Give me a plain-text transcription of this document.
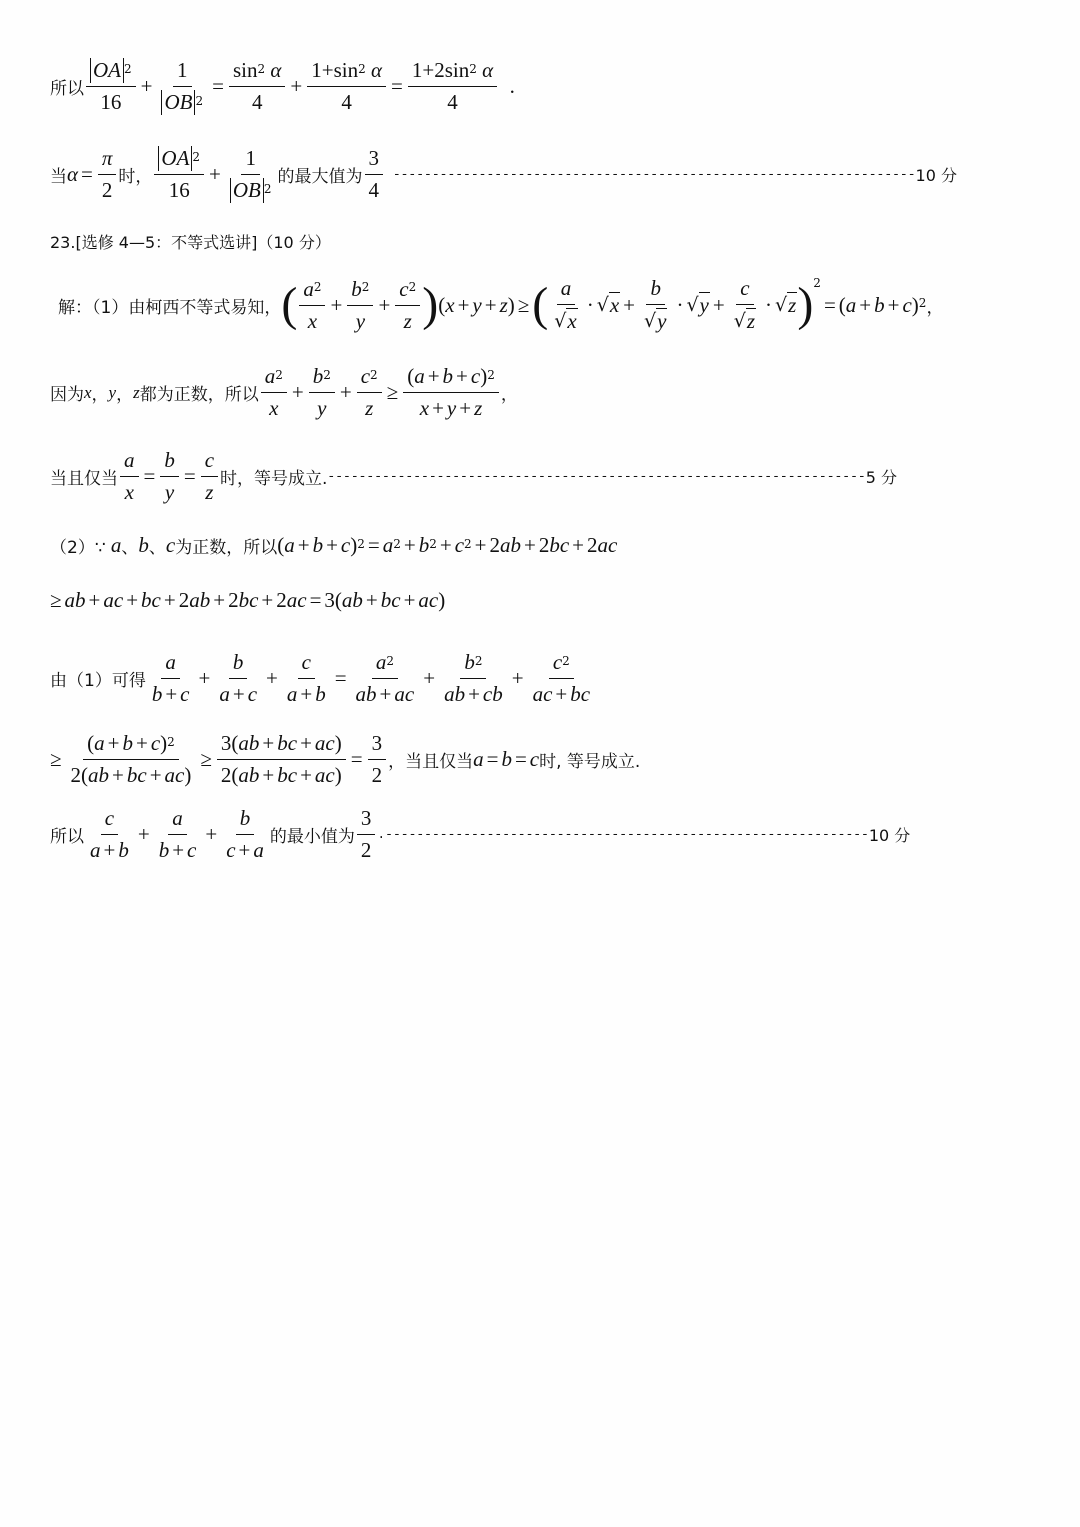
所以 $\frac{OA ^2}{16} + \frac{1}{OB ^2} = \frac{\sin^2 \alpha}{4} + \frac{1+\sin^2 \alpha}{4} = \frac{1+2\sin^2 \alpha}{4}$ .
当 $\alpha = \frac{\pi}{2}$ 时， $\frac{OA ^2}{16} + \frac{1}{OB ^2}$ 的最大值为 $\frac{3}{4}$ ------------------------------------------------------------------- 10 分
23.[选修 4—5：不等式选讲]（10 分）
解：（1）由柯西不等式易知， ( $\frac{a^2}{x} + \frac{b^2}{y} + \frac{c^2}{z}$ ) ( x + y + z ) ≥ ( $\frac{a}{√ x}$ · √ $x + \frac{b}{√ y}$ · √ $y + \frac{c}{√ z}$ · √ z )$^2$
= ( a + b + c )$^2$ ，
因为 x ， y ， z 都为正数，所以 $\frac{a^2}{x} + \frac{b^2}{y} + \frac{c^2}{z} \ge \frac{( a + b + c )^2}{x + y + z}$ ，
当且仅当 $\frac{a}{x} = \frac{b}{y} = \frac{c}{z}$ 时，等号成立. --------------------------------------------------------------------- 5 分
（2）∵ a 、 b 、 c 为正数，所以 ( a + b + c )$^2 = a^2 + b^2 + c^2 + 2$ ab + 2 bc + 2 ac
≥ ab + ac + bc + 2 ab + 2 bc + 2 ac = 3( ab + bc + ac )
由（1）可得 $\frac{a}{b + c} + \frac{b}{a + c} + \frac{c}{a + b} = \frac{a^2}{ab + ac} + \frac{b^2}{ab + cb} + \frac{c^2}{ac + bc}$
≥ $\frac{( a + b + c )^2}{2( ab + bc + ac )} \ge \frac{3( ab + bc + ac )}{2( ab + bc + ac )} = \frac{3}{2}$ ，当且仅当 a = b = c 时, 等号成立.
所以 $\frac{c}{a + b} + \frac{a}{b + c} + \frac{b}{c + a}$ 的最小值为 $\frac{3}{2}$ .-------------------------------------------------------------- 10 分
